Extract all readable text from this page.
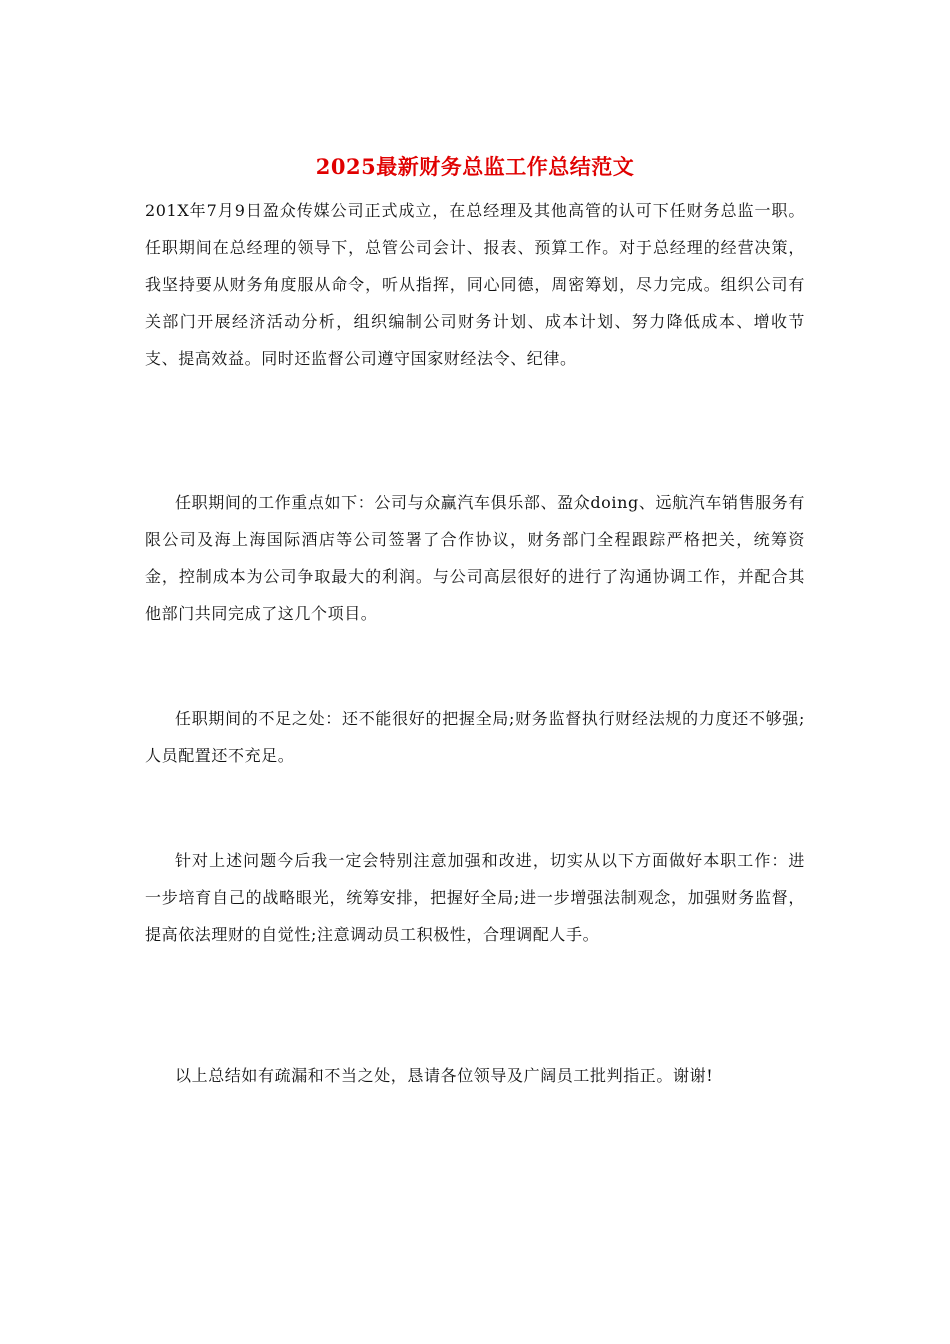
2025最新财务总监工作总结范文

201X年7月9日盈众传媒公司正式成立，在总经理及其他高管的认可下任财务总监一职。任职期间在总经理的领导下，总管公司会计、报表、预算工作。对于总经理的经营决策，我坚持要从财务角度服从命令，听从指挥，同心同德，周密筹划，尽力完成。组织公司有关部门开展经济活动分析，组织编制公司财务计划、成本计划、努力降低成本、增收节支、提高效益。同时还监督公司遵守国家财经法令、纪律。

任职期间的工作重点如下：公司与众赢汽车俱乐部、盈众doing、远航汽车销售服务有限公司及海上海国际酒店等公司签署了合作协议，财务部门全程跟踪严格把关，统筹资金，控制成本为公司争取最大的利润。与公司高层很好的进行了沟通协调工作，并配合其他部门共同完成了这几个项目。

任职期间的不足之处：还不能很好的把握全局;财务监督执行财经法规的力度还不够强;人员配置还不充足。

针对上述问题今后我一定会特别注意加强和改进，切实从以下方面做好本职工作：进一步培育自己的战略眼光，统筹安排，把握好全局;进一步增强法制观念，加强财务监督，提高依法理财的自觉性;注意调动员工积极性，合理调配人手。

以上总结如有疏漏和不当之处，恳请各位领导及广阔员工批判指正。谢谢!
